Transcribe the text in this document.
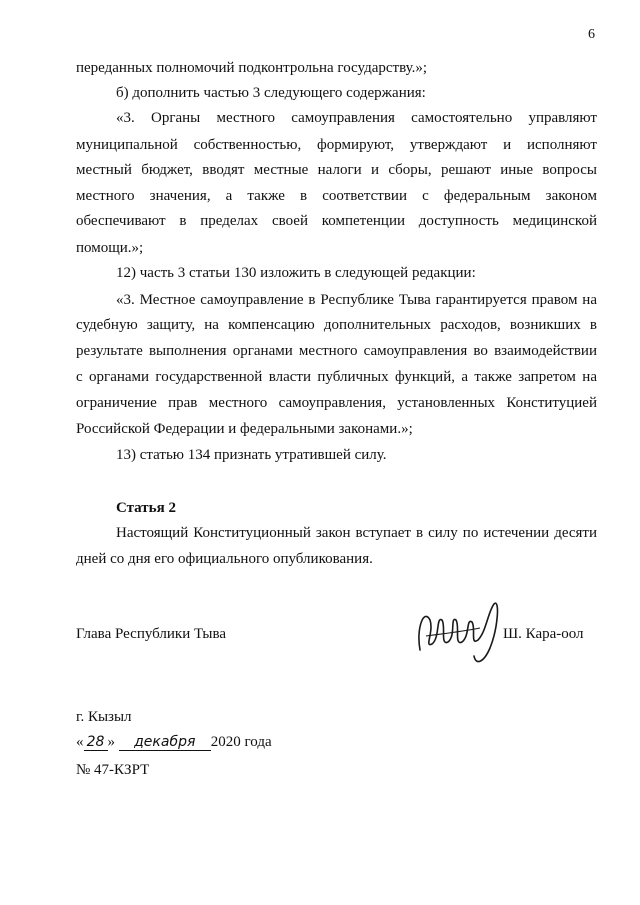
6
переданных полномочий подконтрольна государству.»;
б) дополнить частью 3 следующего содержания:
«3. Органы местного самоуправления самостоятельно управляют
муниципальной собственностью, формируют, утверждают и исполняют
местный бюджет, вводят местные налоги и сборы, решают иные вопросы
местного значения, а также в соответствии с федеральным законом
обеспечивают в пределах своей компетенции доступность медицинской
помощи.»;
12) часть 3 статьи 130 изложить в следующей редакции:
«3. Местное самоуправление в Республике Тыва гарантируется правом на
судебную защиту, на компенсацию дополнительных расходов, возникших в
результате выполнения органами местного самоуправления во взаимодействии
с органами государственной власти публичных функций, а также запретом на
ограничение прав местного самоуправления, установленных Конституцией
Российской Федерации и федеральными законами.»;
13) статью 134 признать утратившей силу.
Статья 2
Настоящий Конституционный закон вступает в силу по истечении десяти
дней со дня его официального опубликования.
Глава Республики Тыва	Ш. Кара-оол
г. Кызыл
« 28 » декабря 2020 года
№ 47-КЗРТ
